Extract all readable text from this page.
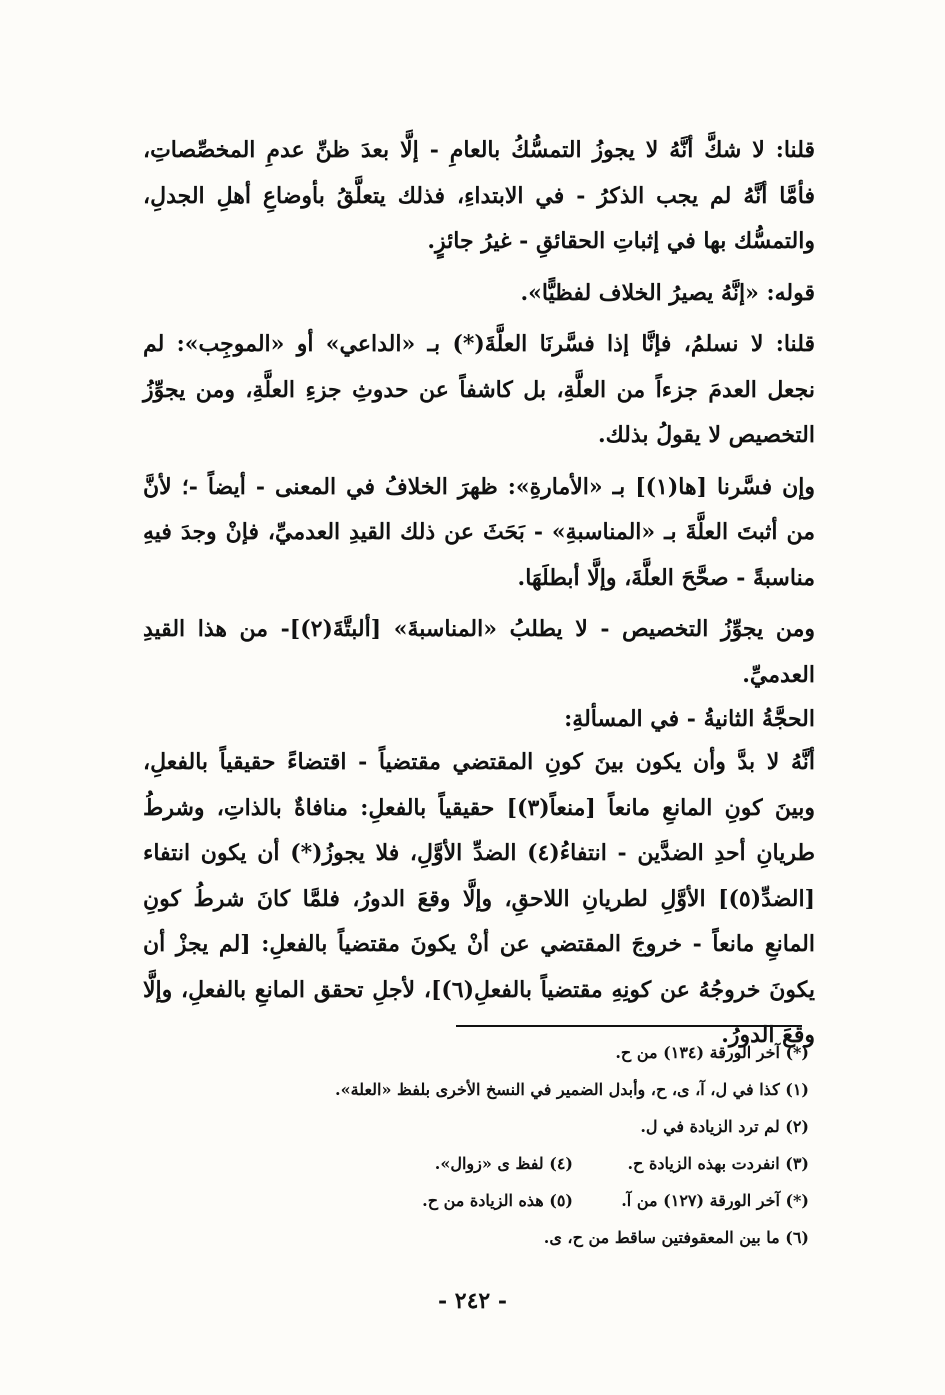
قلنا: لا شكَّ أنَّهُ لا يجوزُ التمسُّكُ بالعامِ - إلَّا بعدَ ظنِّ عدمِ المخصِّصاتِ، فأمَّا أنَّهُ لم يجب الذكرُ - في الابتداءِ، فذلك يتعلَّقُ بأوضاعِ أهلِ الجدلِ، والتمسُّك بها في إثباتِ الحقائقِ - غيرُ جائزٍ.

قوله: «إنَّهُ يصيرُ الخلاف لفظيًّا».

قلنا: لا نسلمُ، فإنَّا إذا فسَّرنَا العلَّةَ(*) بـ «الداعي» أو «الموجِب»: لم نجعل العدمَ جزءاً من العلَّةِ، بل كاشفاً عن حدوثِ جزءِ العلَّةِ، ومن يجوِّزُ التخصيص لا يقولُ بذلك.

وإن فسَّرنا [ها(١)] بـ «الأمارةِ»: ظهرَ الخلافُ في المعنى - أيضاً -؛ لأنَّ من أثبتَ العلَّةَ بـ «المناسبةِ» - بَحَثَ عن ذلك القيدِ العدميِّ، فإنْ وجدَ فيهِ مناسبةً - صحَّحَ العلَّةَ، وإلَّا أبطلَهَا.

ومن يجوِّزُ التخصيص - لا يطلبُ «المناسبةَ» [ألبتَّةَ(٢)]- من هذا القيدِ العدميِّ.

الحجَّةُ الثانيةُ - في المسألةِ:

أنَّهُ لا بدَّ وأن يكون بينَ كونِ المقتضي مقتضياً - اقتضاءً حقيقياً بالفعلِ، وبينَ كونِ المانعِ مانعاً [منعاً(٣)] حقيقياً بالفعلِ: منافاةٌ بالذاتِ، وشرطُ طريانِ أحدِ الضدَّين - انتفاءُ(٤) الضدِّ الأوَّلِ، فلا يجوزُ(*) أن يكون انتفاء [الضدِّ(٥)] الأوَّلِ لطريانِ اللاحقِ، وإلَّا وقعَ الدورُ، فلمَّا كانَ شرطُ كونِ المانعِ مانعاً - خروجَ المقتضي عن أنْ يكونَ مقتضياً بالفعلِ: [لم يجزْ أن يكونَ خروجُهُ عن كونِهِ مقتضياً بالفعلِ(٦)]، لأجلِ تحقق المانعِ بالفعلِ، وإلَّا وقعَ الدورُ.

(*) آخر الورقة (١٣٤) من ح.
(١) كذا في ل، آ، ى، ح، وأبدل الضمير في النسخ الأخرى بلفظ «العلة».
(٢) لم ترد الزيادة في ل.
(٣) انفردت بهذه الزيادة ح.
(٤) لفظ ى «زوال».
(*) آخر الورقة (١٢٧) من آ.
(٥) هذه الزيادة من ح.
(٦) ما بين المعقوفتين ساقط من ح، ى.
- ٢٤٢ -
